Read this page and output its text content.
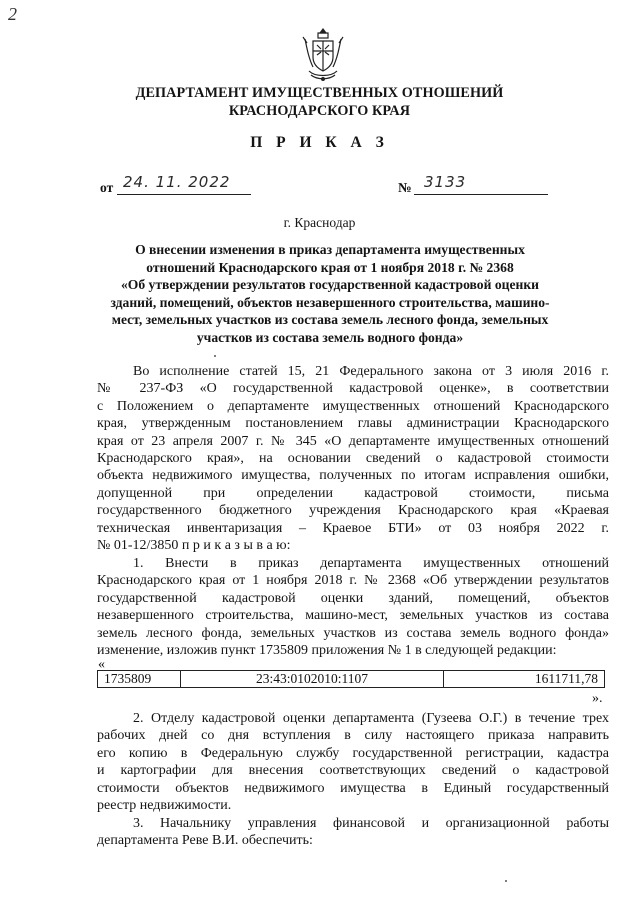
2
ДЕПАРТАМЕНТ ИМУЩЕСТВЕННЫХ ОТНОШЕНИЙ
КРАСНОДАРСКОГО КРАЯ
П Р И К А З
от 24. 11. 2022	№ 3133
г. Краснодар
О внесении изменения в приказ департамента имущественных
отношений Краснодарского края от 1 ноября 2018 г. № 2368
«Об утверждении результатов государственной кадастровой оценки
зданий, помещений, объектов незавершенного строительства, машино-
мест, земельных участков из состава земель лесного фонда, земельных
участков из состава земель водного фонда»
Во исполнение статей 15, 21 Федерального закона от 3 июля 2016 г.
№ 237-ФЗ «О государственной кадастровой оценке», в соответствии
с Положением о департаменте имущественных отношений Краснодарского
края, утвержденным постановлением главы администрации Краснодарского
края от 23 апреля 2007 г. № 345 «О департаменте имущественных отношений
Краснодарского края», на основании сведений о кадастровой стоимости
объекта недвижимого имущества, полученных по итогам исправления ошибки,
допущенной при определении кадастровой стоимости, письма
государственного бюджетного учреждения Краснодарского края «Краевая
техническая инвентаризация – Краевое БТИ» от 03 ноября 2022 г.
№ 01-12/3850 п р и к а з ы в а ю:
1. Внести в приказ департамента имущественных отношений
Краснодарского края от 1 ноября 2018 г. № 2368 «Об утверждении результатов
государственной кадастровой оценки зданий, помещений, объектов
незавершенного строительства, машино-мест, земельных участков из состава
земель лесного фонда, земельных участков из состава земель водного фонда»
изменение, изложив пункт 1735809 приложения № 1 в следующей редакции:
«
1735809	23:43:0102010:1107	1611711,78
».
2. Отделу кадастровой оценки департамента (Гузеева О.Г.) в течение трех
рабочих дней со дня вступления в силу настоящего приказа направить
его копию в Федеральную службу государственной регистрации, кадастра
и картографии для внесения соответствующих сведений о кадастровой
стоимости объектов недвижимого имущества в Единый государственный
реестр недвижимости.
3. Начальнику управления финансовой и организационной работы
департамента Реве В.И. обеспечить:
